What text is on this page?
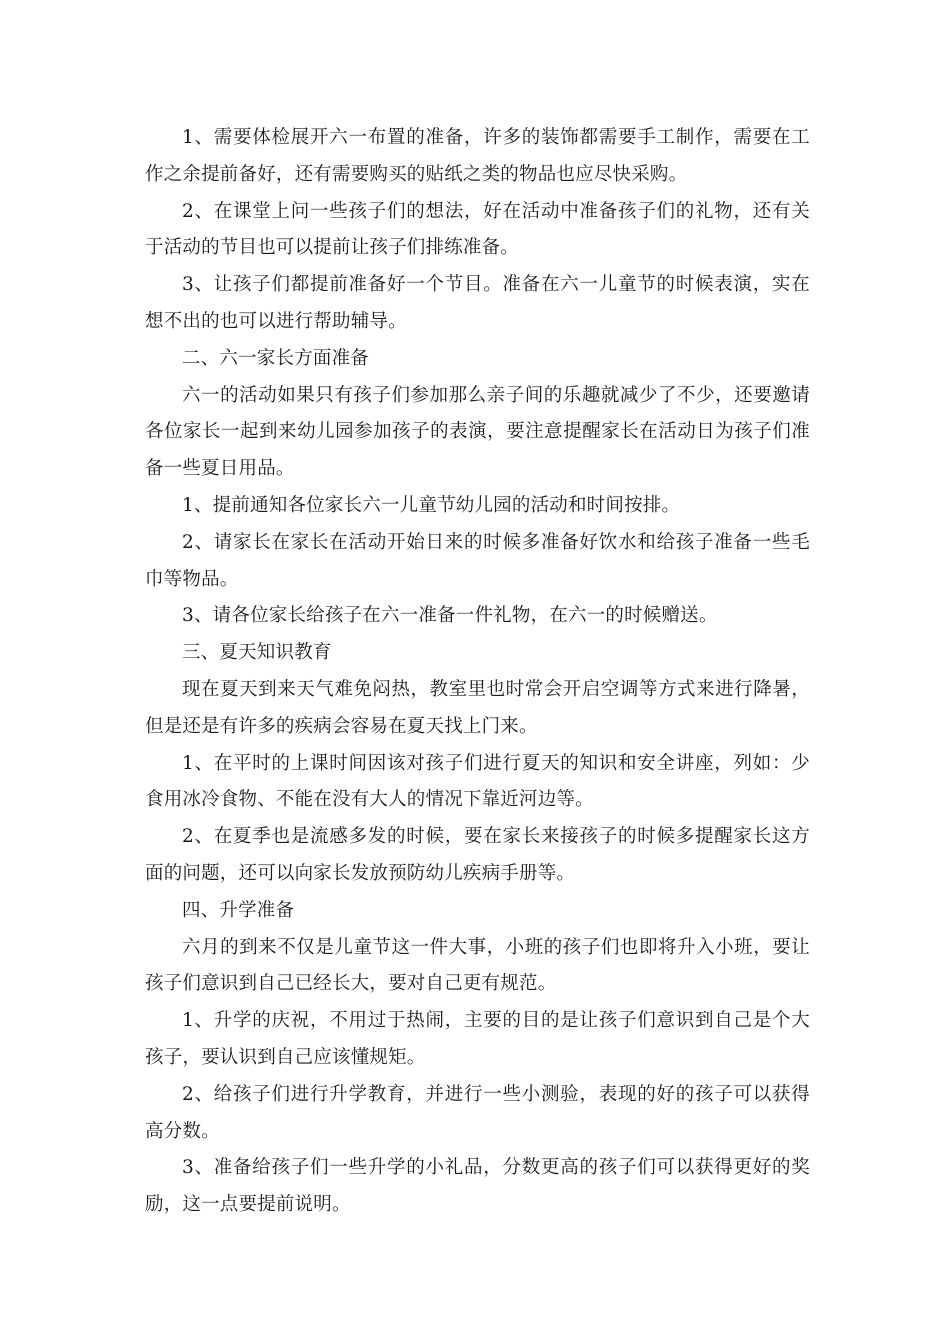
1、需要体检展开六一布置的准备，许多的装饰都需要手工制作，需要在工作之余提前备好，还有需要购买的贴纸之类的物品也应尽快采购。

2、在课堂上问一些孩子们的想法，好在活动中准备孩子们的礼物，还有关于活动的节目也可以提前让孩子们排练准备。

3、让孩子们都提前准备好一个节目。准备在六一儿童节的时候表演，实在想不出的也可以进行帮助辅导。

二、六一家长方面准备

六一的活动如果只有孩子们参加那么亲子间的乐趣就减少了不少，还要邀请各位家长一起到来幼儿园参加孩子的表演，要注意提醒家长在活动日为孩子们准备一些夏日用品。

1、提前通知各位家长六一儿童节幼儿园的活动和时间按排。

2、请家长在家长在活动开始日来的时候多准备好饮水和给孩子准备一些毛巾等物品。

3、请各位家长给孩子在六一准备一件礼物，在六一的时候赠送。

三、夏天知识教育

现在夏天到来天气难免闷热，教室里也时常会开启空调等方式来进行降暑，但是还是有许多的疾病会容易在夏天找上门来。

1、在平时的上课时间因该对孩子们进行夏天的知识和安全讲座，列如：少食用冰冷食物、不能在没有大人的情况下靠近河边等。

2、在夏季也是流感多发的时候，要在家长来接孩子的时候多提醒家长这方面的问题，还可以向家长发放预防幼儿疾病手册等。

四、升学准备

六月的到来不仅是儿童节这一件大事，小班的孩子们也即将升入小班，要让孩子们意识到自己已经长大，要对自己更有规范。

1、升学的庆祝，不用过于热闹，主要的目的是让孩子们意识到自己是个大孩子，要认识到自己应该懂规矩。

2、给孩子们进行升学教育，并进行一些小测验，表现的好的孩子可以获得高分数。

3、准备给孩子们一些升学的小礼品，分数更高的孩子们可以获得更好的奖励，这一点要提前说明。
